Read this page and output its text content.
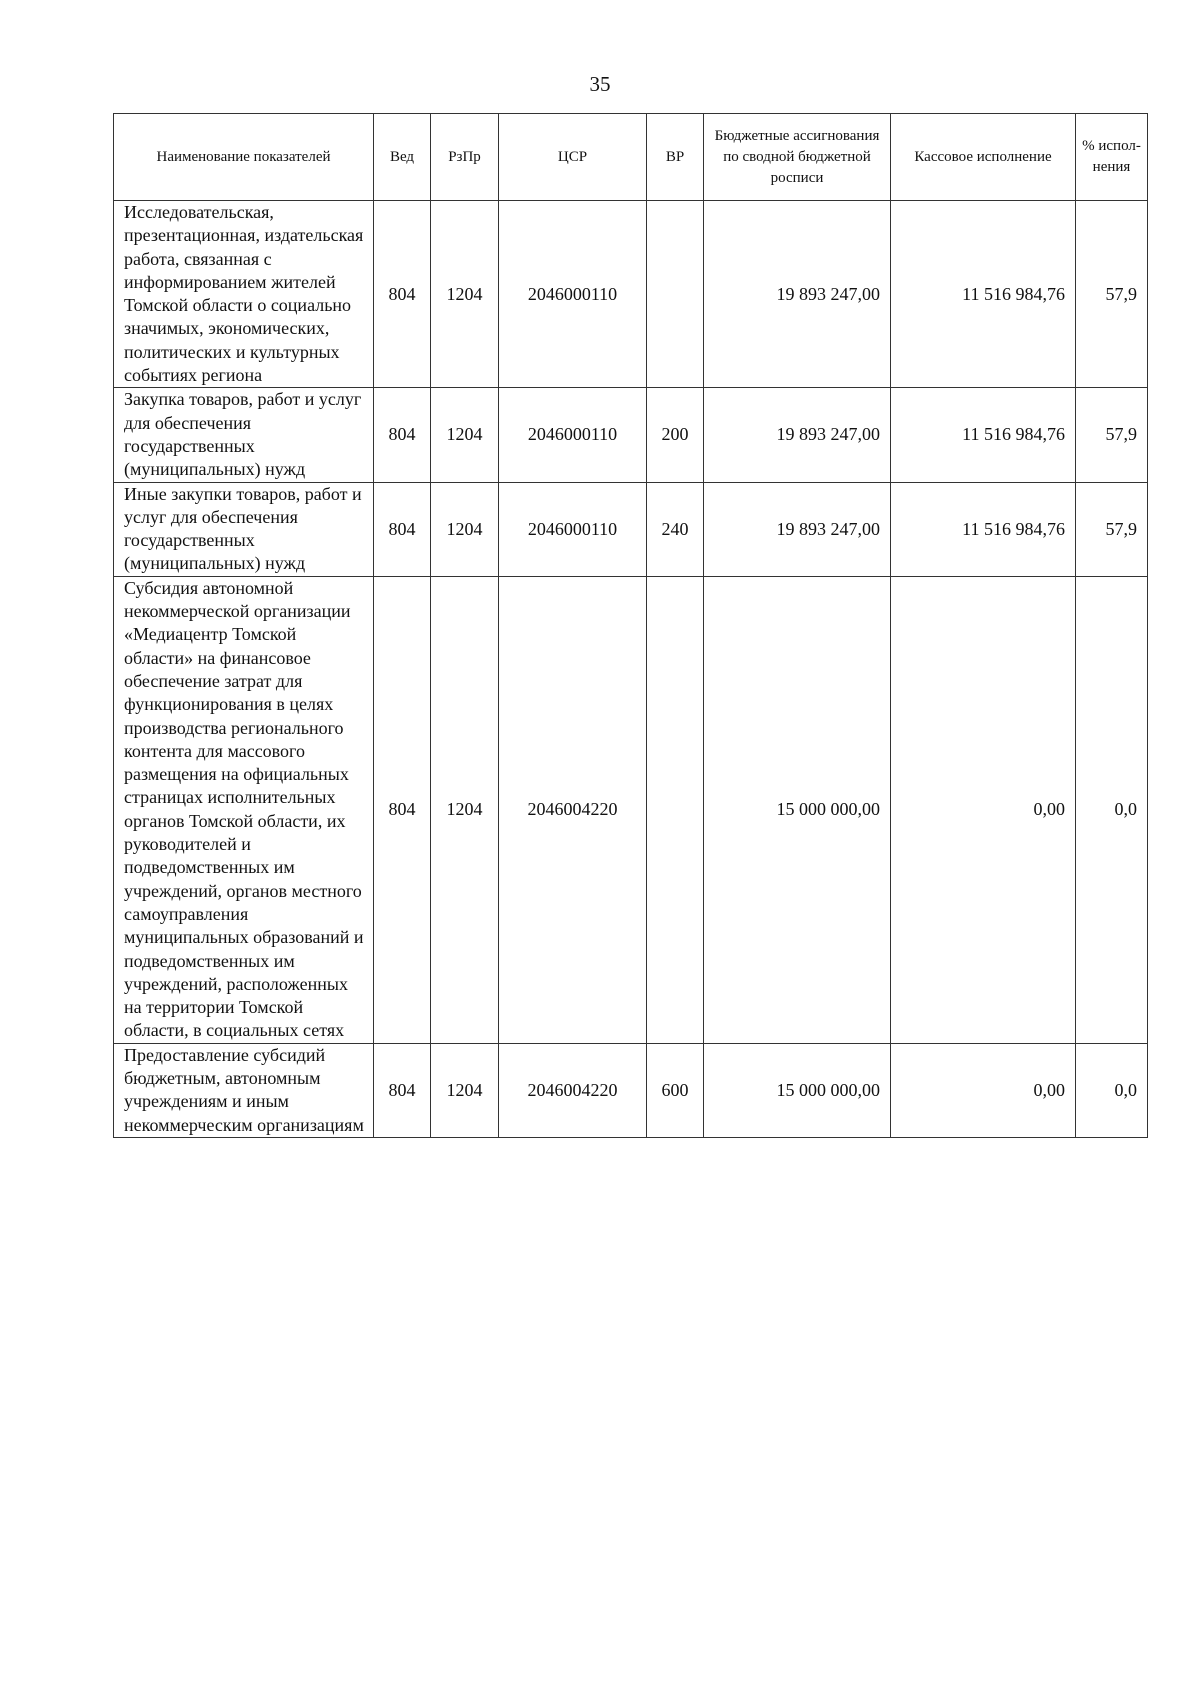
35
Наименование показателей	Вед	РзПр	ЦСР	ВР	Бюджетные ассигнования по сводной бюджетной росписи	Кассовое исполнение	% испол-нения
Исследовательская, презентационная, издательская работа, связанная с информированием жителей Томской области о социально значимых, экономических, политических и культурных событиях региона	804	1204	2046000110		19 893 247,00	11 516 984,76	57,9
Закупка товаров, работ и услуг для обеспечения государственных (муниципальных) нужд	804	1204	2046000110	200	19 893 247,00	11 516 984,76	57,9
Иные закупки товаров, работ и услуг для обеспечения государственных (муниципальных) нужд	804	1204	2046000110	240	19 893 247,00	11 516 984,76	57,9
Субсидия автономной некоммерческой организации «Медиацентр Томской области» на финансовое обеспечение затрат для функционирования в целях производства регионального контента для массового размещения на официальных страницах исполнительных органов Томской области, их руководителей и подведомственных им учреждений, органов местного самоуправления муниципальных образований и подведомственных им учреждений, расположенных на территории Томской области, в социальных сетях	804	1204	2046004220		15 000 000,00	0,00	0,0
Предоставление субсидий бюджетным, автономным учреждениям и иным некоммерческим организациям	804	1204	2046004220	600	15 000 000,00	0,00	0,0
